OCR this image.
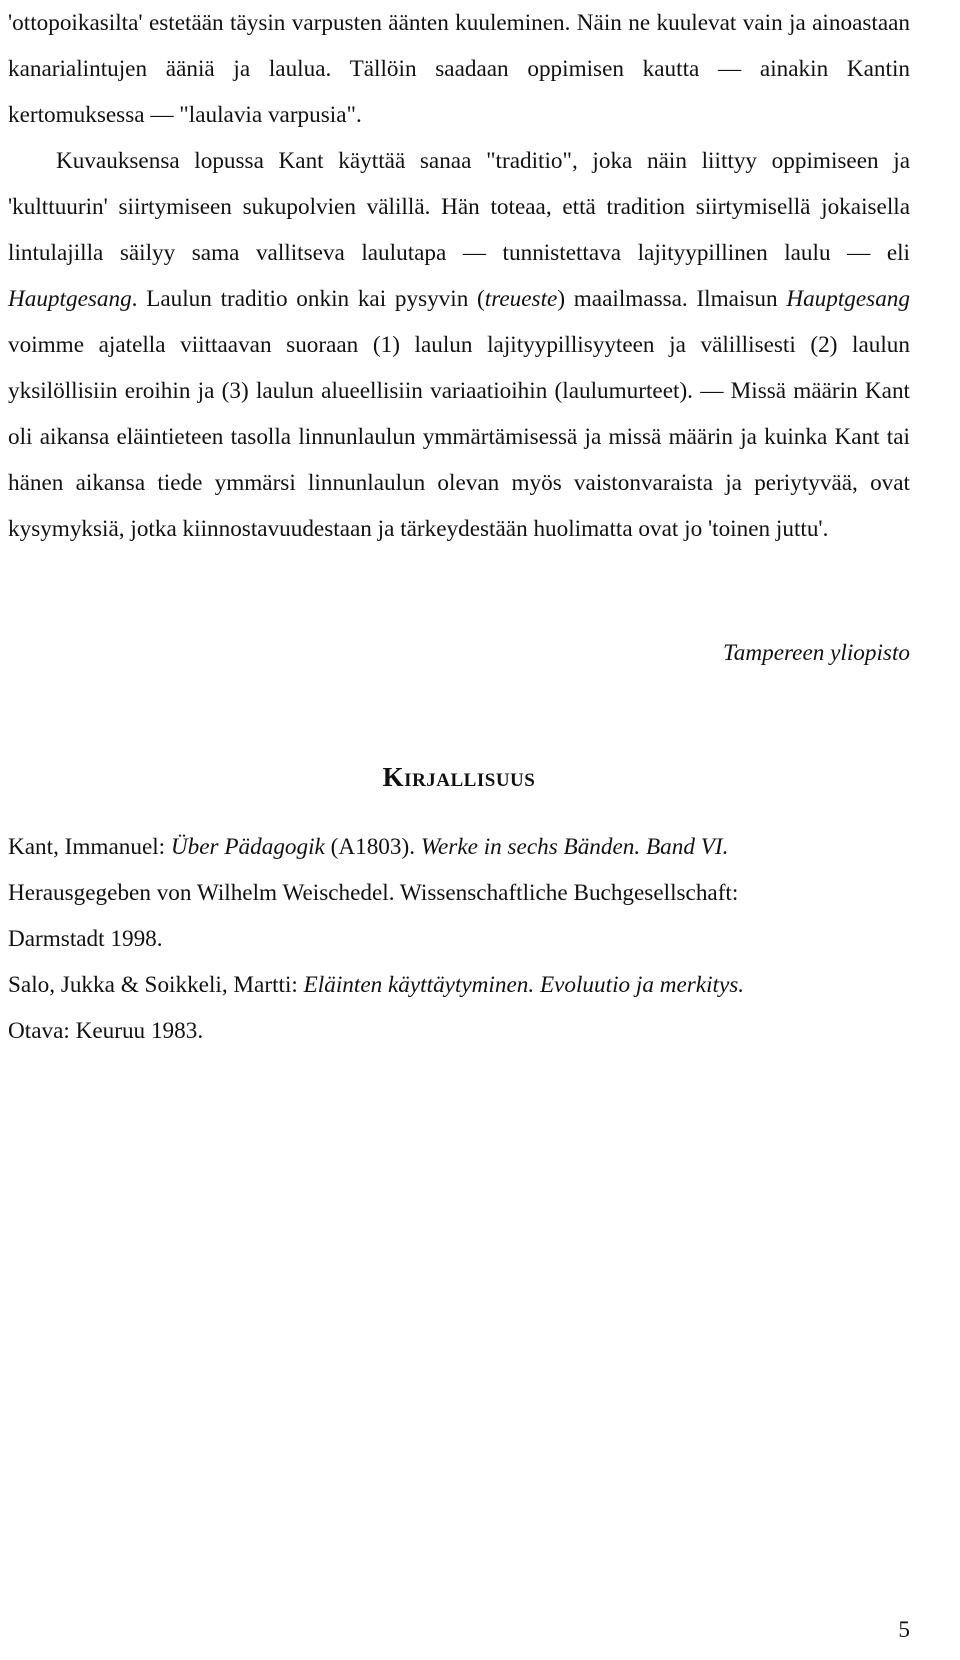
'ottopoikasilta' estetään täysin varpusten äänten kuuleminen. Näin ne kuulevat vain ja ainoastaan kanarialintujen ääniä ja laulua. Tällöin saadaan oppimisen kautta — ainakin Kantin kertomuksessa — "laulavia varpusia".

Kuvauksensa lopussa Kant käyttää sanaa "traditio", joka näin liittyy oppimiseen ja 'kulttuurin' siirtymiseen sukupolvien välillä. Hän toteaa, että tradition siirtymisellä jokaisella lintulajilla säilyy sama vallitseva laulutapa — tunnistettava lajityypillinen laulu — eli Hauptgesang. Laulun traditio onkin kai pysyvin (treueste) maailmassa. Ilmaisun Hauptgesang voimme ajatella viittaavan suoraan (1) laulun lajityypillisyyteen ja välillisesti (2) laulun yksilöllisiin eroihin ja (3) laulun alueellisiin variaatioihin (laulumurteet). — Missä määrin Kant oli aikansa eläintieteen tasolla linnunlaulun ymmärtämisessä ja missä määrin ja kuinka Kant tai hänen aikansa tiede ymmärsi linnunlaulun olevan myös vaistonvaraista ja periytyvää, ovat kysymyksiä, jotka kiinnostavuudestaan ja tärkeydestään huolimatta ovat jo 'toinen juttu'.

Tampereen yliopisto

Kirjallisuus
Kant, Immanuel: Über Pädagogik (A1803). Werke in sechs Bänden. Band VI.
Herausgegeben von Wilhelm Weischedel. Wissenschaftliche Buchgesellschaft:
Darmstadt 1998.
Salo, Jukka & Soikkeli, Martti: Eläinten käyttäytyminen. Evoluutio ja merkitys.
Otava: Keuruu 1983.

5
